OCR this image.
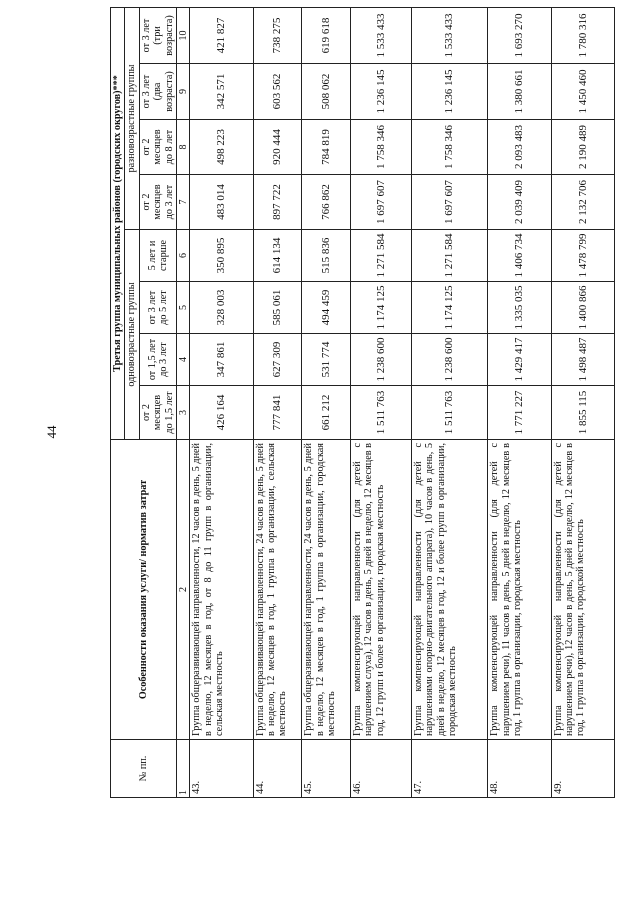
44
№ пп.	Особенности оказания услуги/ норматив затрат	Третья группа муниципальных районов (городских округов)***							
		одновозрастные группы				разновозрастные группы			
		от 2 месяцев до 1,5 лет	от 1,5 лет до 3 лет	от 3 лет до 5 лет	5 лет и старше	от 2 месяцев до 3 лет	от 2 месяцев до 8 лет	от 3 лет (два возраста)	от 3 лет (три возраста)
1	2	3	4	5	6	7	8	9	10
43.	Группа общеразвивающей направленности, 12 часов в день, 5 дней в неделю, 12 месяцев в год, от 8 до 11 групп в организации, сельская местность	426 164	347 861	328 003	350 895	483 014	498 223	342 571	421 827
44.	Группа общеразвивающей направленности, 24 часов в день, 5 дней в неделю, 12 месяцев в год, 1 группа в организации, сельская местность	777 841	627 309	585 061	614 134	897 722	920 444	603 562	738 275
45.	Группа общеразвивающей направленности, 24 часов в день, 5 дней в неделю, 12 месяцев в год, 1 группа в организации, городская местность	661 212	531 774	494 459	515 836	766 862	784 819	508 062	619 618
46.	Группа компенсирующей направленности (для детей с нарушением слуха), 12 часов в день, 5 дней в неделю, 12 месяцев в год, 12 групп и более в организации, городская местность	1 511 763	1 238 600	1 174 125	1 271 584	1 697 607	1 758 346	1 236 145	1 533 433
47.	Группа компенсирующей направленности (для детей с нарушениями опорно-двигательного аппарата), 10 часов в день, 5 дней в неделю, 12 месяцев в год, 12 и более групп в организации, городская местность	1 511 763	1 238 600	1 174 125	1 271 584	1 697 607	1 758 346	1 236 145	1 533 433
48.	Группа компенсирующей направленности (для детей с нарушением речи), 11 часов в день, 5 дней в неделю, 12 месяцев в год, 1 группа в организации, городская местность	1 771 227	1 429 417	1 335 035	1 406 734	2 039 409	2 093 483	1 380 661	1 693 270
49.	Группа компенсирующей направленности (для детей с нарушением речи), 12 часов в день, 5 дней в неделю, 12 месяцев в год, 1 группа в организации, городской местность	1 855 115	1 498 487	1 400 866	1 478 799	2 132 706	2 190 489	1 450 460	1 780 316
